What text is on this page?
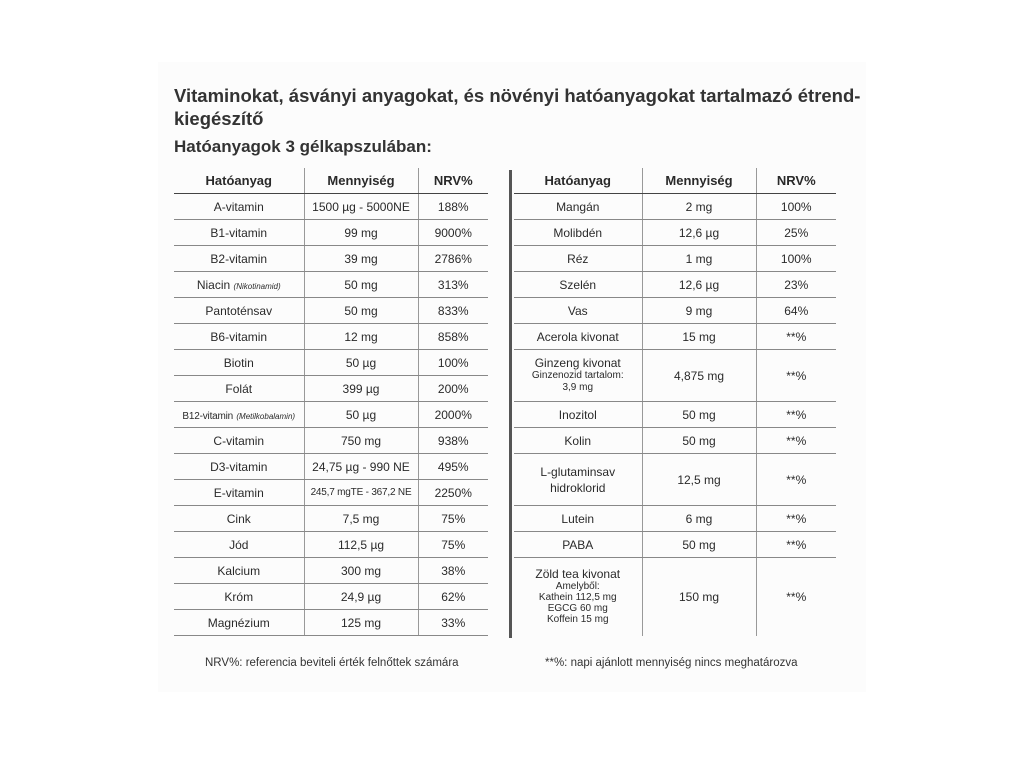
Vitaminokat, ásványi anyagokat, és növényi hatóanyagokat tartalmazó étrend-kiegészítő
Hatóanyagok 3 gélkapszulában:
Hatóanyag	Mennyiség	NRV%
A-vitamin	1500 µg - 5000NE	188%
B1-vitamin	99 mg	9000%
B2-vitamin	39 mg	2786%
Niacin (Nikotinamid)	50 mg	313%
Pantoténsav	50 mg	833%
B6-vitamin	12 mg	858%
Biotin	50 µg	100%
Folát	399 µg	200%
B12-vitamin (Metilkobalamin)	50 µg	2000%
C-vitamin	750 mg	938%
D3-vitamin	24,75 µg - 990 NE	495%
E-vitamin	245,7 mgTE - 367,2 NE	2250%
Cink	7,5 mg	75%
Jód	112,5 µg	75%
Kalcium	300 mg	38%
Króm	24,9 µg	62%
Magnézium	125 mg	33%
Hatóanyag	Mennyiség	NRV%
Mangán	2 mg	100%
Molibdén	12,6 µg	25%
Réz	1 mg	100%
Szelén	12,6 µg	23%
Vas	9 mg	64%
Acerola kivonat	15 mg	**%

Ginzeng kivonat
Ginzenozid tartalom:
3,9 mg	4,875 mg	**%
Inozitol	50 mg	**%
Kolin	50 mg	**%

L-glutaminsav
hidroklorid	12,5 mg	**%
Lutein	6 mg	**%
PABA	50 mg	**%

Zöld tea kivonat
Amelyből:
Kathein 112,5 mg
EGCG 60 mg
Koffein 15 mg	150 mg	**%
NRV%: referencia beviteli érték felnőttek számára	**%: napi ajánlott mennyiség nincs meghatározva
